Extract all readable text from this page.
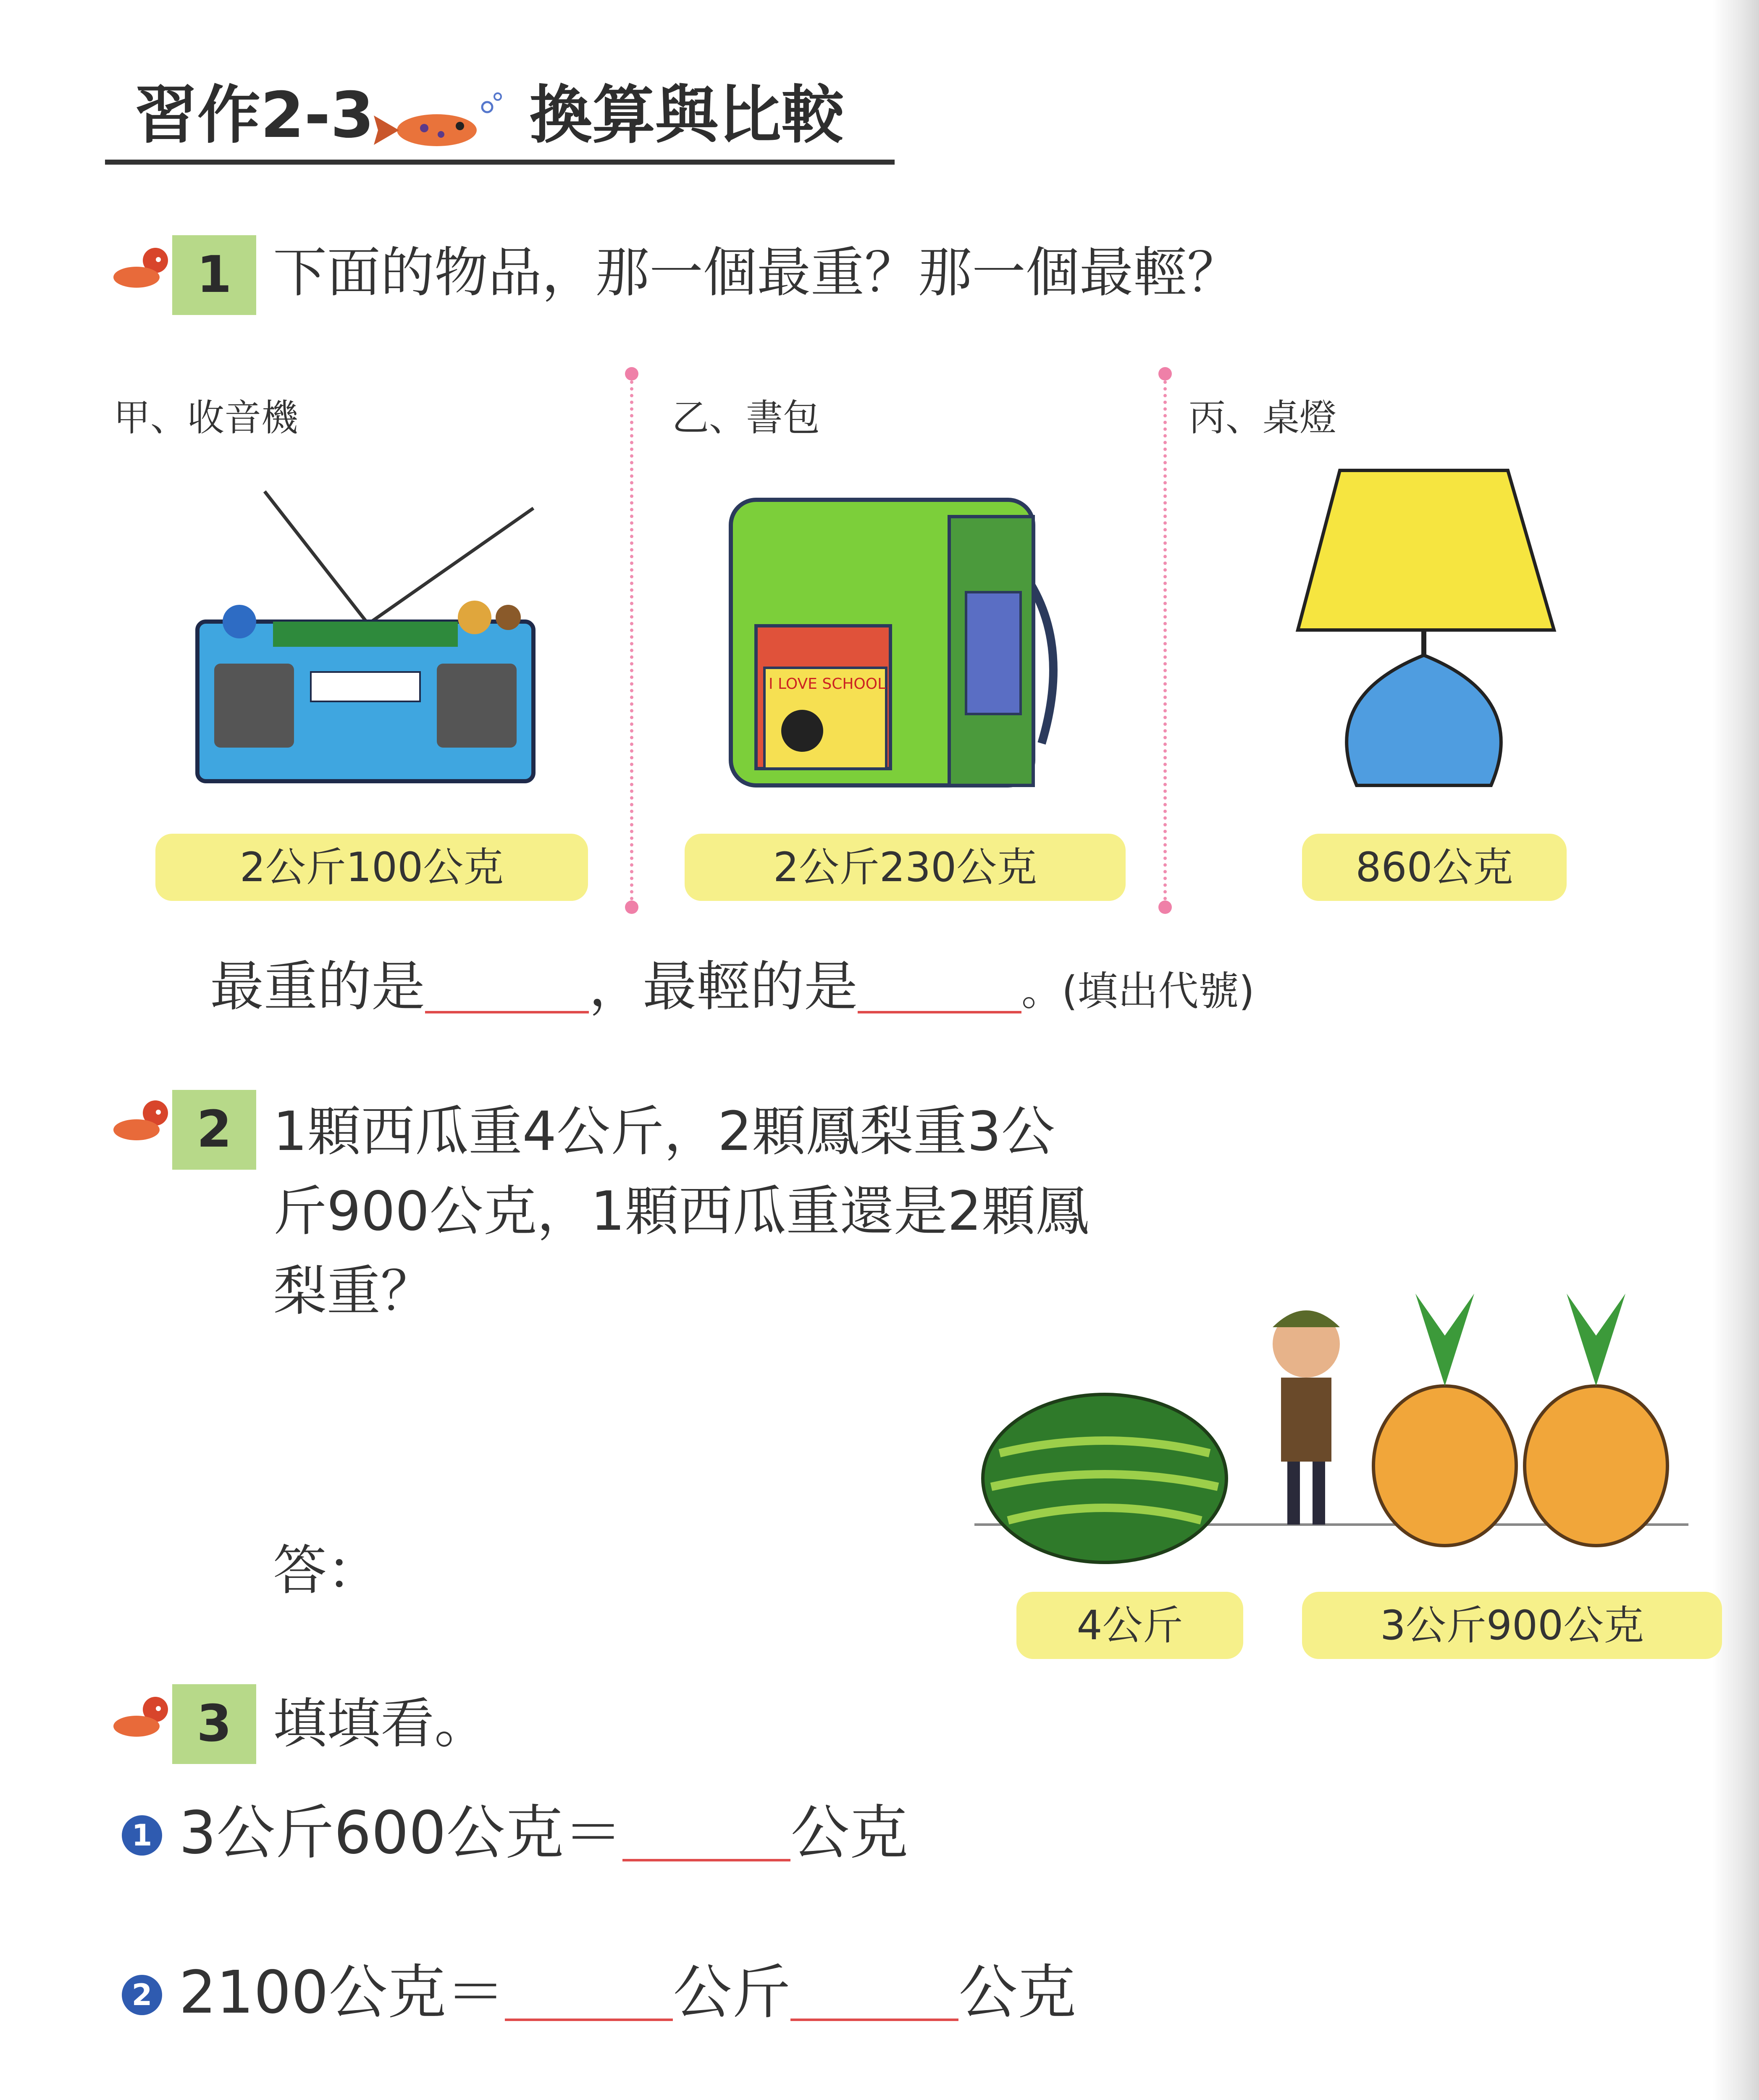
習作2-3 換算與比較
1 下面的物品，那一個最重？那一個最輕？
甲、收音機	乙、書包	丙、桌燈
I LOVE SCHOOL
2公斤100公克	2公斤230公克	860公克
最重的是	，最輕的是	。(填出代號)
2 1顆西瓜重4公斤，2顆鳳梨重3公
斤900公克，1顆西瓜重還是2顆鳳
梨重？
答：
4公斤	3公斤900公克
3 填填看。
1 3公斤600公克＝	公克
2 2100公克＝	公斤	公克
